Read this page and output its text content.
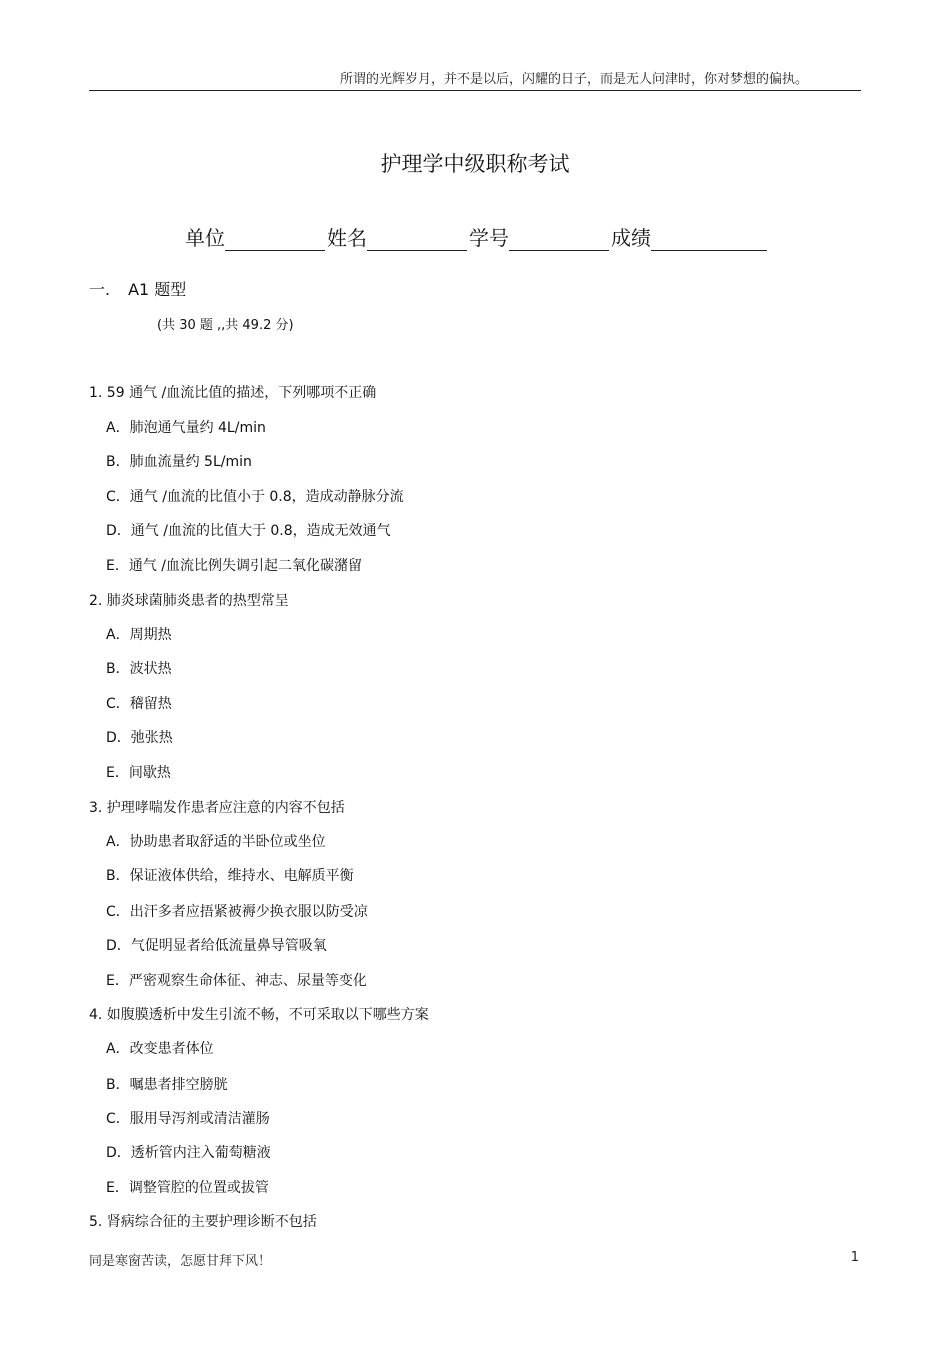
所谓的光辉岁月，并不是以后，闪耀的日子，而是无人问津时，你对梦想的偏执。
护理学中级职称考试
单位	姓名	学号	成绩
一. A1 题型
(共 30 题 ,,共 49.2 分)
1. 59 通气 /血流比值的描述，下列哪项不正确
A．肺泡通气量约 4L/min
B．肺血流量约 5L/min
C．通气 /血流的比值小于 0.8，造成动静脉分流
D．通气 /血流的比值大于 0.8，造成无效通气
E．通气 /血流比例失调引起二氧化碳潴留
2. 肺炎球菌肺炎患者的热型常呈
A．周期热
B．波状热
C．稽留热
D．弛张热
E．间歇热
3. 护理哮喘发作患者应注意的内容不包括
A．协助患者取舒适的半卧位或坐位
B．保证液体供给，维持水、电解质平衡
C．出汗多者应捂紧被褥少换衣服以防受凉
D．气促明显者给低流量鼻导管吸氧
E．严密观察生命体征、神志、尿量等变化
4. 如腹膜透析中发生引流不畅，不可采取以下哪些方案
A．改变患者体位
B．嘱患者排空膀胱
C．服用导泻剂或清洁灌肠
D．透析管内注入葡萄糖液
E．调整管腔的位置或拔管
5. 肾病综合征的主要护理诊断不包括
同是寒窗苦读，怎愿甘拜下风！	1
